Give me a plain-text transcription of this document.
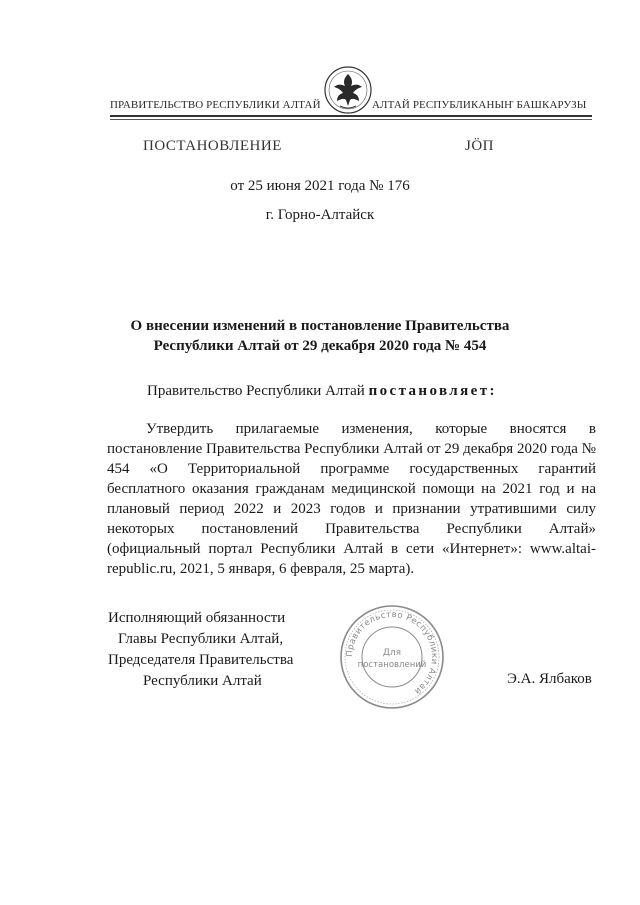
ПРАВИТЕЛЬСТВО РЕСПУБЛИКИ АЛТАЙ	АЛТАЙ РЕСПУБЛИКАНЫҤ БАШКАРУЗЫ
ПОСТАНОВЛЕНИЕ	ЈӦП
от 25 июня 2021 года № 176
г. Горно-Алтайск
О внесении изменений в постановление Правительства
Республики Алтай от 29 декабря 2020 года № 454
Правительство Республики Алтай постановляет:
Утвердить прилагаемые изменения, которые вносятся в постановление Правительства Республики Алтай от 29 декабря 2020 года № 454 «О Территориальной программе государственных гарантий бесплатного оказания гражданам медицинской помощи на 2021 год и на плановый период 2022 и 2023 годов и признании утратившими силу некоторых постановлений Правительства Республики Алтай» (официальный портал Республики Алтай в сети «Интернет»: www.altai-republic.ru, 2021, 5 января, 6 февраля, 25 марта).
Исполняющий обязанности
Главы Республики Алтай,
Председателя Правительства
Республики Алтай	Э.А. Ялбаков
Правительство Республики Алтай
Для
постановлений
